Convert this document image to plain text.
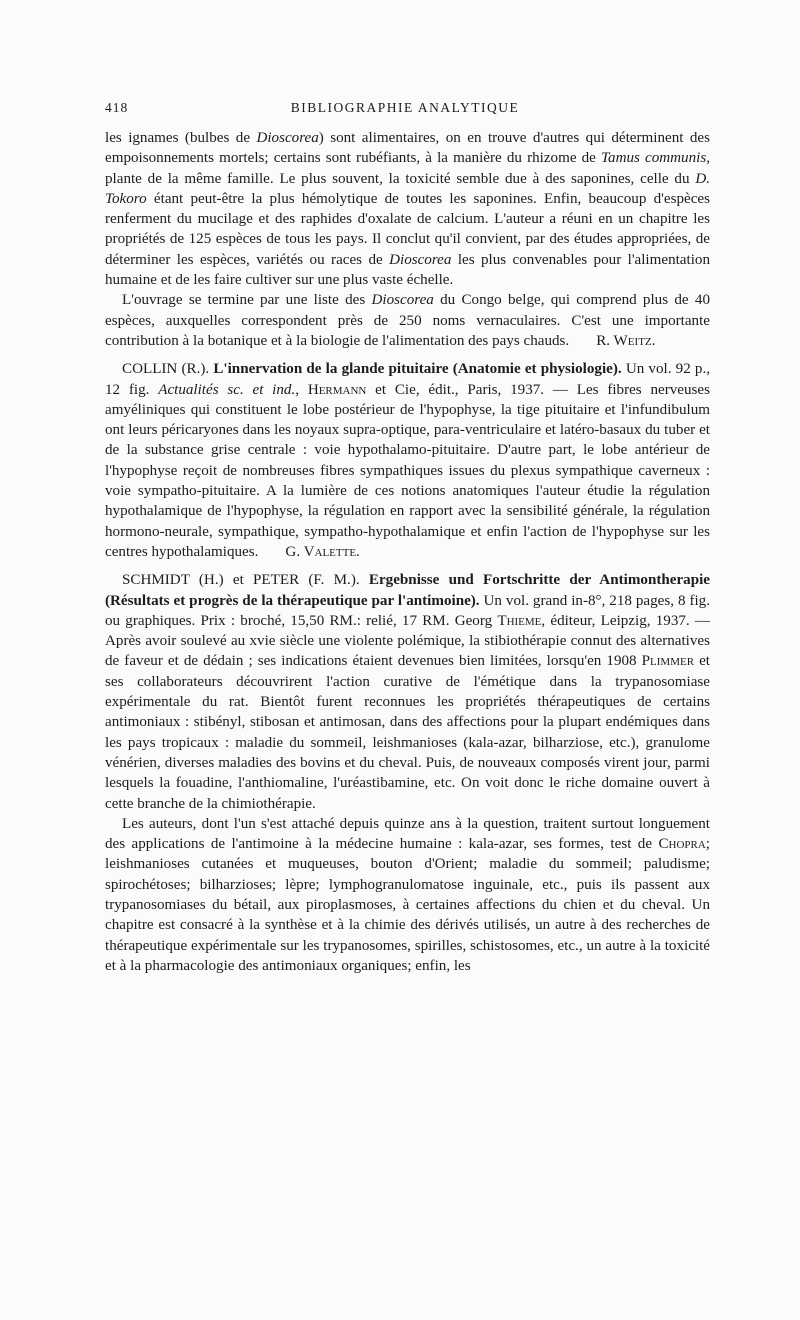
418	BIBLIOGRAPHIE ANALYTIQUE

les ignames (bulbes de Dioscorea) sont alimentaires, on en trouve d'autres qui déterminent des empoisonnements mortels; certains sont rubéfiants, à la manière du rhizome de Tamus communis, plante de la même famille. Le plus souvent, la toxicité semble due à des saponines, celle du D. Tokoro étant peut-être la plus hémolytique de toutes les saponines. Enfin, beaucoup d'espèces renferment du mucilage et des raphides d'oxalate de calcium. L'auteur a réuni en un chapitre les propriétés de 125 espèces de tous les pays. Il conclut qu'il convient, par des études appropriées, de déterminer les espèces, variétés ou races de Dioscorea les plus convenables pour l'alimentation humaine et de les faire cultiver sur une plus vaste échelle.

L'ouvrage se termine par une liste des Dioscorea du Congo belge, qui comprend plus de 40 espèces, auxquelles correspondent près de 250 noms vernaculaires. C'est une importante contribution à la botanique et à la biologie de l'alimentation des pays chauds. R. Weitz.

COLLIN (R.). L'innervation de la glande pituitaire (Anatomie et physiologie). Un vol. 92 p., 12 fig. Actualités sc. et ind., Hermann et Cie, édit., Paris, 1937. — Les fibres nerveuses amyéliniques qui constituent le lobe postérieur de l'hypophyse, la tige pituitaire et l'infundibulum ont leurs péricaryones dans les noyaux supra-optique, para-ventriculaire et latéro-basaux du tuber et de la substance grise centrale : voie hypothalamo-pituitaire. D'autre part, le lobe antérieur de l'hypophyse reçoit de nombreuses fibres sympathiques issues du plexus sympathique caverneux : voie sympatho-pituitaire. A la lumière de ces notions anatomiques l'auteur étudie la régulation hypothalamique de l'hypophyse, la régulation en rapport avec la sensibilité générale, la régulation hormono-neurale, sympathique, sympatho-hypothalamique et enfin l'action de l'hypophyse sur les centres hypothalamiques. G. Valette.

SCHMIDT (H.) et PETER (F. M.). Ergebnisse und Fortschritte der Antimontherapie (Résultats et progrès de la thérapeutique par l'antimoine). Un vol. grand in-8°, 218 pages, 8 fig. ou graphiques. Prix : broché, 15,50 RM.: relié, 17 RM. Georg Thieme, éditeur, Leipzig, 1937. — Après avoir soulevé au xvie siècle une violente polémique, la stibiothérapie connut des alternatives de faveur et de dédain ; ses indications étaient devenues bien limitées, lorsqu'en 1908 Plimmer et ses collaborateurs découvrirent l'action curative de l'émétique dans la trypanosomiase expérimentale du rat. Bientôt furent reconnues les propriétés thérapeutiques de certains antimoniaux : stibényl, stibosan et antimosan, dans des affections pour la plupart endémiques dans les pays tropicaux : maladie du sommeil, leishmanioses (kala-azar, bilharziose, etc.), granulome vénérien, diverses maladies des bovins et du cheval. Puis, de nouveaux composés virent jour, parmi lesquels la fouadine, l'anthiomaline, l'uréastibamine, etc. On voit donc le riche domaine ouvert à cette branche de la chimiothérapie.

Les auteurs, dont l'un s'est attaché depuis quinze ans à la question, traitent surtout longuement des applications de l'antimoine à la médecine humaine : kala-azar, ses formes, test de Chopra; leishmanioses cutanées et muqueuses, bouton d'Orient; maladie du sommeil; paludisme; spirochétoses; bilharzioses; lèpre; lymphogranulomatose inguinale, etc., puis ils passent aux trypanosomiases du bétail, aux piroplasmoses, à certaines affections du chien et du cheval. Un chapitre est consacré à la synthèse et à la chimie des dérivés utilisés, un autre à des recherches de thérapeutique expérimentale sur les trypanosomes, spirilles, schistosomes, etc., un autre à la toxicité et à la pharmacologie des antimoniaux organiques; enfin, les
